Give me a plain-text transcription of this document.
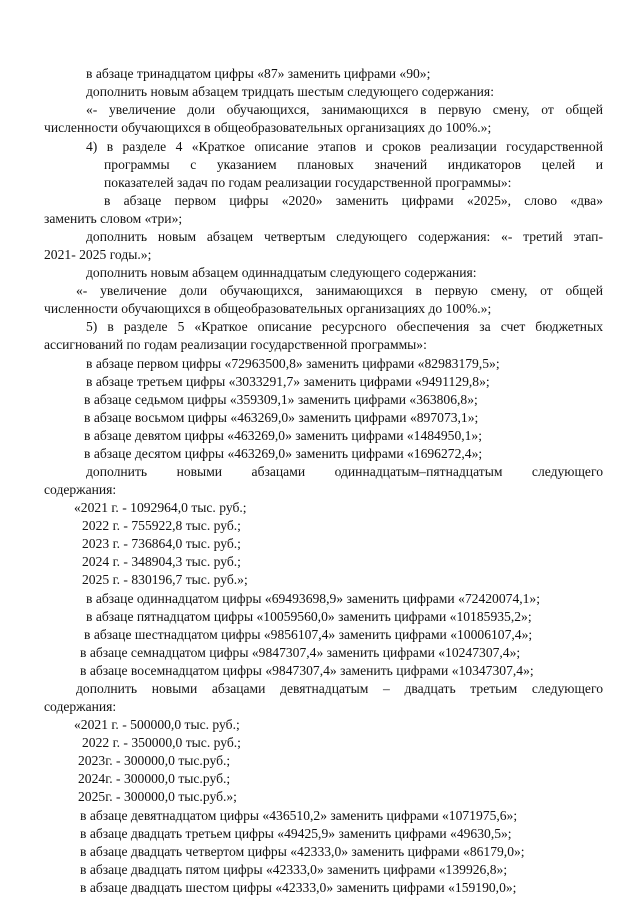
в абзаце тринадцатом цифры «87» заменить цифрами «90»;
дополнить новым абзацем тридцать шестым следующего содержания:
«- увеличение доли обучающихся, занимающихся в первую смену, от общей
численности обучающихся в общеобразовательных организациях до 100%.»;
4) в разделе 4 «Краткое описание этапов и сроков реализации государственной
программы с указанием плановых значений индикаторов целей и
показателей задач по годам реализации государственной программы»:
в абзаце первом цифры «2020» заменить цифрами «2025», слово «два»
заменить словом «три»;
дополнить новым абзацем четвертым следующего содержания: «- третий этап-
2021- 2025 годы.»;
дополнить новым абзацем одиннадцатым следующего содержания:
«- увеличение доли обучающихся, занимающихся в первую смену, от общей
численности обучающихся в общеобразовательных организациях до 100%.»;
5) в разделе 5 «Краткое описание ресурсного обеспечения за счет бюджетных
ассигнований по годам реализации государственной программы»:
в абзаце первом цифры «72963500,8» заменить цифрами «82983179,5»;
в абзаце третьем цифры «3033291,7» заменить цифрами «9491129,8»;
в абзаце седьмом цифры «359309,1» заменить цифрами «363806,8»;
в абзаце восьмом цифры «463269,0» заменить цифрами «897073,1»;
в абзаце девятом цифры «463269,0» заменить цифрами «1484950,1»;
в абзаце десятом цифры «463269,0» заменить цифрами «1696272,4»;
дополнить новыми абзацами одиннадцатым–пятнадцатым следующего
содержания:
«2021 г. - 1092964,0 тыс. руб.;
2022 г. - 755922,8 тыс. руб.;
2023 г. - 736864,0 тыс. руб.;
2024 г. - 348904,3 тыс. руб.;
2025 г. - 830196,7 тыс. руб.»;
в абзаце одиннадцатом цифры «69493698,9» заменить цифрами «72420074,1»;
в абзаце пятнадцатом цифры «10059560,0» заменить цифрами «10185935,2»;
в абзаце шестнадцатом цифры «9856107,4» заменить цифрами «10006107,4»;
в абзаце семнадцатом цифры «9847307,4» заменить цифрами «10247307,4»;
в абзаце восемнадцатом цифры «9847307,4» заменить цифрами «10347307,4»;
дополнить новыми абзацами девятнадцатым – двадцать третьим следующего
содержания:
«2021 г. - 500000,0 тыс. руб.;
2022 г. - 350000,0 тыс. руб.;
2023г. - 300000,0 тыс.руб.;
2024г. - 300000,0 тыс.руб.;
2025г. - 300000,0 тыс.руб.»;
в абзаце девятнадцатом цифры «436510,2» заменить цифрами «1071975,6»;
в абзаце двадцать третьем цифры «49425,9» заменить цифрами «49630,5»;
в абзаце двадцать четвертом цифры «42333,0» заменить цифрами «86179,0»;
в абзаце двадцать пятом цифры «42333,0» заменить цифрами «139926,8»;
в абзаце двадцать шестом цифры «42333,0» заменить цифрами «159190,0»;
